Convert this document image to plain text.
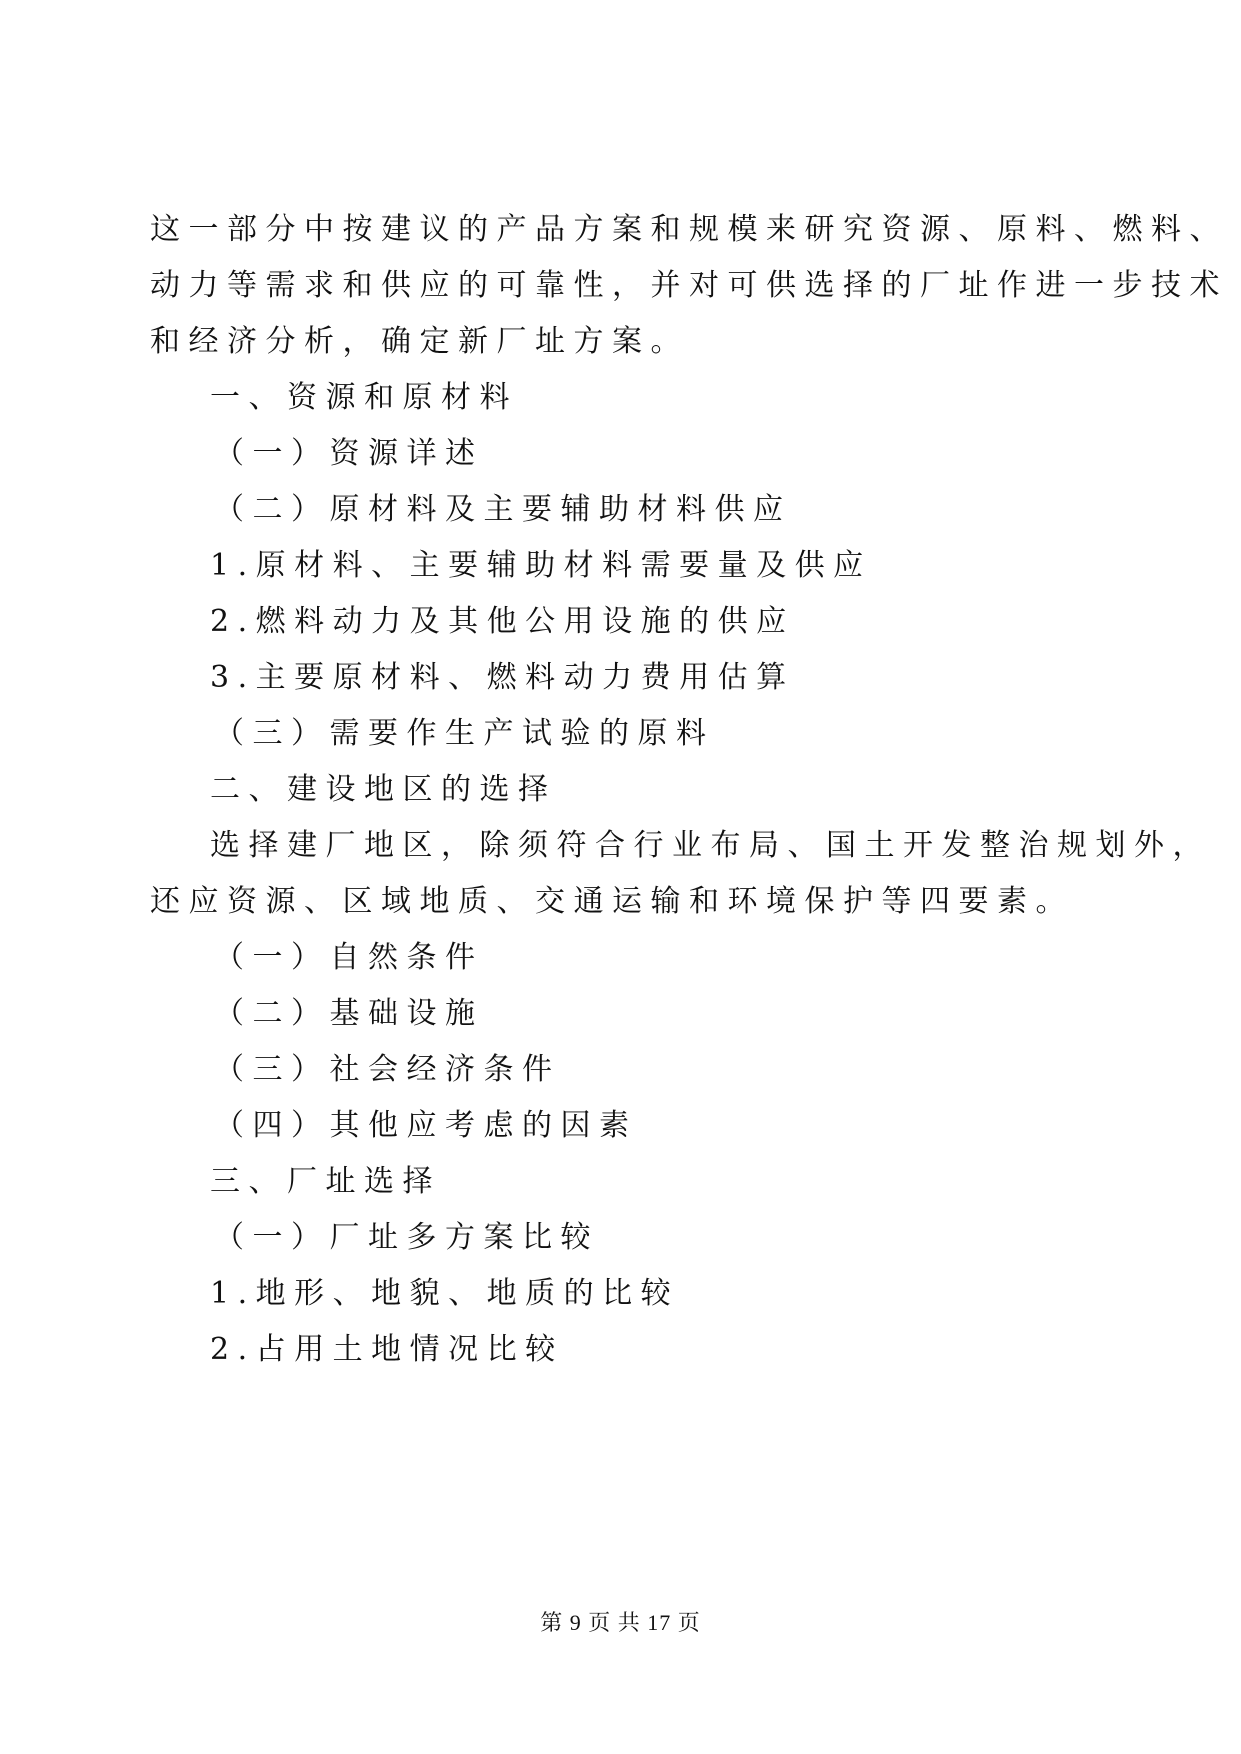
这一部分中按建议的产品方案和规模来研究资源、原料、燃料、
动力等需求和供应的可靠性，并对可供选择的厂址作进一步技术
和经济分析，确定新厂址方案。
一、资源和原材料
（一）资源详述
（二）原材料及主要辅助材料供应
1.原材料、主要辅助材料需要量及供应
2.燃料动力及其他公用设施的供应
3.主要原材料、燃料动力费用估算
（三）需要作生产试验的原料
二、建设地区的选择
选择建厂地区，除须符合行业布局、国土开发整治规划外，
还应资源、区域地质、交通运输和环境保护等四要素。
（一）自然条件
（二）基础设施
（三）社会经济条件
（四）其他应考虑的因素
三、厂址选择
（一）厂址多方案比较
1.地形、地貌、地质的比较
2.占用土地情况比较
第 9 页 共 17 页
